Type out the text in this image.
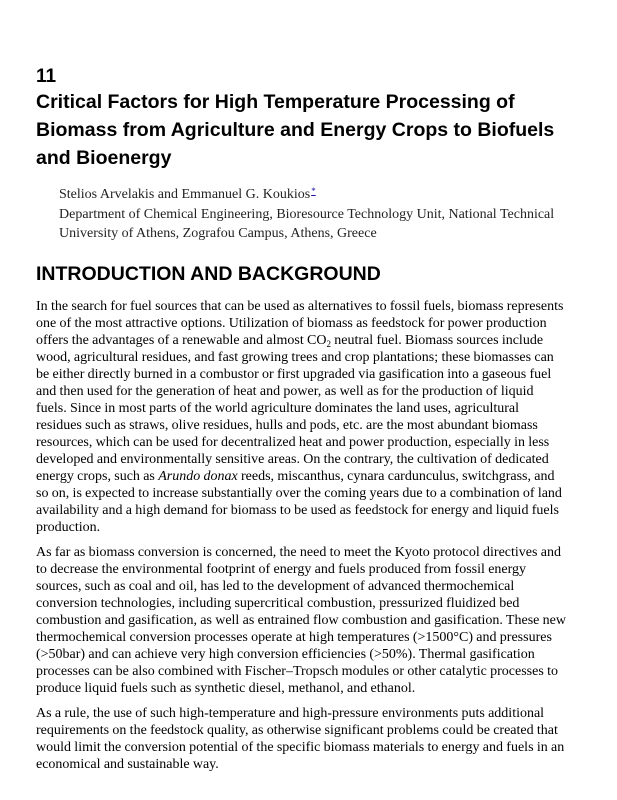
11
Critical Factors for High Temperature Processing of
Biomass from Agriculture and Energy Crops to Biofuels
and Bioenergy

Stelios Arvelakis and Emmanuel G. Koukios*

Department of Chemical Engineering, Bioresource Technology Unit, National Technical
University of Athens, Zografou Campus, Athens, Greece

INTRODUCTION AND BACKGROUND

In the search for fuel sources that can be used as alternatives to fossil fuels, biomass represents
one of the most attractive options. Utilization of biomass as feedstock for power production
offers the advantages of a renewable and almost $CO_2$ neutral fuel. Biomass sources include
wood, agricultural residues, and fast growing trees and crop plantations; these biomasses can
be either directly burned in a combustor or first upgraded via gasification into a gaseous fuel
and then used for the generation of heat and power, as well as for the production of liquid
fuels. Since in most parts of the world agriculture dominates the land uses, agricultural
residues such as straws, olive residues, hulls and pods, etc. are the most abundant biomass
resources, which can be used for decentralized heat and power production, especially in less
developed and environmentally sensitive areas. On the contrary, the cultivation of dedicated
energy crops, such as Arundo donax reeds, miscanthus, cynara cardunculus, switchgrass, and
so on, is expected to increase substantially over the coming years due to a combination of land
availability and a high demand for biomass to be used as feedstock for energy and liquid fuels
production.

As far as biomass conversion is concerned, the need to meet the Kyoto protocol directives and
to decrease the environmental footprint of energy and fuels produced from fossil energy
sources, such as coal and oil, has led to the development of advanced thermochemical
conversion technologies, including supercritical combustion, pressurized fluidized bed
combustion and gasification, as well as entrained flow combustion and gasification. These new
thermochemical conversion processes operate at high temperatures (>1500°C) and pressures
(>50bar) and can achieve very high conversion efficiencies (>50%). Thermal gasification
processes can be also combined with Fischer–Tropsch modules or other catalytic processes to
produce liquid fuels such as synthetic diesel, methanol, and ethanol.

As a rule, the use of such high-temperature and high-pressure environments puts additional
requirements on the feedstock quality, as otherwise significant problems could be created that
would limit the conversion potential of the specific biomass materials to energy and fuels in an
economical and sustainable way.
